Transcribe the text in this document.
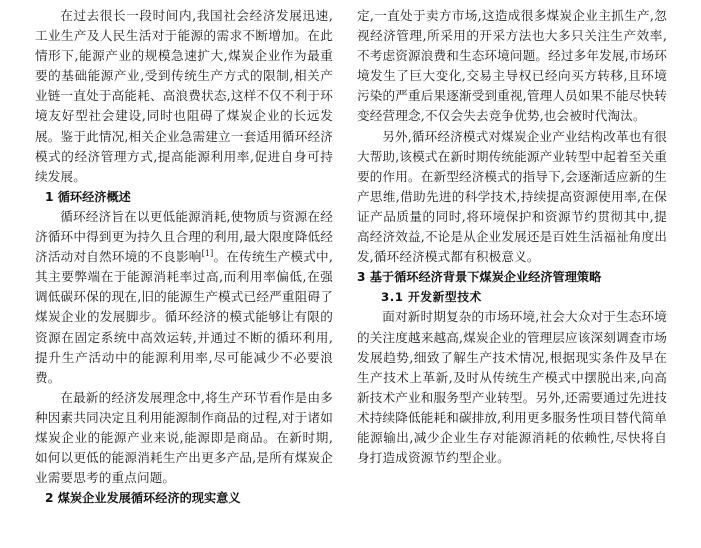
在过去很长一段时间内,我国社会经济发展迅速,工业生产及人民生活对于能源的需求不断增加。在此情形下,能源产业的规模急速扩大,煤炭企业作为最重要的基础能源产业,受到传统生产方式的限制,相关产业链一直处于高能耗、高浪费状态,这样不仅不利于环境友好型社会建设,同时也阻碍了煤炭企业的长远发展。鉴于此情况,相关企业急需建立一套适用循环经济模式的经济管理方式,提高能源利用率,促进自身可持续发展。

1 循环经济概述

循环经济旨在以更低能源消耗,使物质与资源在经济循环中得到更为持久且合理的利用,最大限度降低经济活动对自然环境的不良影响[1]。在传统生产模式中,其主要弊端在于能源消耗率过高,而利用率偏低,在强调低碳环保的现在,旧的能源生产模式已经严重阻碍了煤炭企业的发展脚步。循环经济的模式能够让有限的资源在固定系统中高效运转,并通过不断的循环利用,提升生产活动中的能源利用率,尽可能减少不必要浪费。

在最新的经济发展理念中,将生产环节看作是由多种因素共同决定且利用能源制作商品的过程,对于诸如煤炭企业的能源产业来说,能源即是商品。在新时期,如何以更低的能源消耗生产出更多产品,是所有煤炭企业需要思考的重点问题。

2 煤炭企业发展循环经济的现实意义

定,一直处于卖方市场,这造成很多煤炭企业主抓生产,忽视经济管理,所采用的开采方法也大多只关注生产效率,不考虑资源浪费和生态环境问题。经过多年发展,市场环境发生了巨大变化,交易主导权已经向买方转移,且环境污染的严重后果逐渐受到重视,管理人员如果不能尽快转变经营理念,不仅会失去竞争优势,也会被时代淘汰。

另外,循环经济模式对煤炭企业产业结构改革也有很大帮助,该模式在新时期传统能源产业转型中起着至关重要的作用。在新型经济模式的指导下,会逐渐适应新的生产思维,借助先进的科学技术,持续提高资源使用率,在保证产品质量的同时,将环境保护和资源节约贯彻其中,提高经济效益,不论是从企业发展还是百姓生活福祉角度出发,循环经济模式都有积极意义。

3 基于循环经济背景下煤炭企业经济管理策略

3.1 开发新型技术

面对新时期复杂的市场环境,社会大众对于生态环境的关注度越来越高,煤炭企业的管理层应该深刻调查市场发展趋势,细致了解生产技术情况,根据现实条件及早在生产技术上革新,及时从传统生产模式中摆脱出来,向高新技术产业和服务型产业转型。另外,还需要通过先进技术持续降低能耗和碳排放,利用更多服务性项目替代简单能源输出,减少企业生存对能源消耗的依赖性,尽快将自身打造成资源节约型企业。
